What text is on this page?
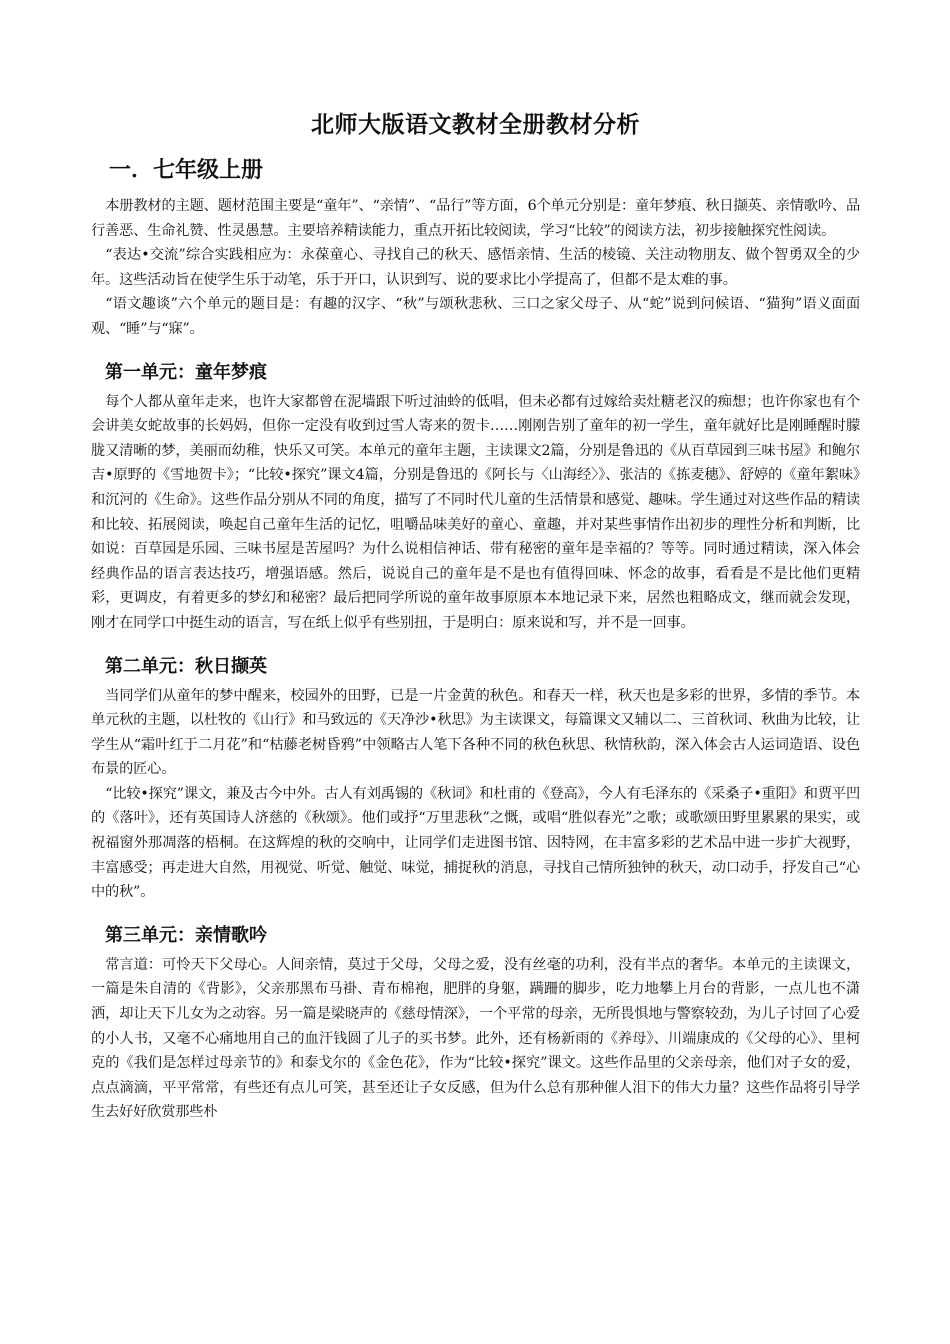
北师大版语文教材全册教材分析
一．七年级上册

本册教材的主题、题材范围主要是“童年”、“亲情”、“品行”等方面，6个单元分别是：童年梦痕、秋日撷英、亲情歌吟、品行善恶、生命礼赞、性灵愚慧。主要培养精读能力，重点开拓比较阅读，学习“比较”的阅读方法，初步接触探究性阅读。

“表达•交流”综合实践相应为：永葆童心、寻找自己的秋天、感悟亲情、生活的棱镜、关注动物朋友、做个智勇双全的少年。这些活动旨在使学生乐于动笔，乐于开口，认识到写、说的要求比小学提高了，但都不是太难的事。

“语文趣谈”六个单元的题目是：有趣的汉字、“秋”与颂秋悲秋、三口之家父母子、从“蛇”说到问候语、“猫狗”语义面面观、“睡”与“寐”。

第一单元：童年梦痕

每个人都从童年走来，也许大家都曾在泥墙跟下听过油蛉的低唱，但未必都有过嫁给卖灶糖老汉的痴想；也许你家也有个会讲美女蛇故事的长妈妈，但你一定没有收到过雪人寄来的贺卡……刚刚告别了童年的初一学生，童年就好比是刚睡醒时朦胧又清晰的梦，美丽而幼稚，快乐又可笑。本单元的童年主题，主读课文2篇，分别是鲁迅的《从百草园到三味书屋》和鲍尔吉•原野的《雪地贺卡》；“比较•探究”课文4篇，分别是鲁迅的《阿长与〈山海经〉》、张洁的《拣麦穗》、舒婷的《童年絮味》和沉河的《生命》。这些作品分别从不同的角度，描写了不同时代儿童的生活情景和感觉、趣味。学生通过对这些作品的精读和比较、拓展阅读，唤起自己童年生活的记忆，咀嚼品味美好的童心、童趣，并对某些事情作出初步的理性分析和判断，比如说：百草园是乐园、三味书屋是苦屋吗？为什么说相信神话、带有秘密的童年是幸福的？等等。同时通过精读，深入体会经典作品的语言表达技巧，增强语感。然后，说说自己的童年是不是也有值得回味、怀念的故事，看看是不是比他们更精彩，更调皮，有着更多的梦幻和秘密？最后把同学所说的童年故事原原本本地记录下来，居然也粗略成文，继而就会发现，刚才在同学口中挺生动的语言，写在纸上似乎有些别扭，于是明白：原来说和写，并不是一回事。

第二单元：秋日撷英

当同学们从童年的梦中醒来，校园外的田野，已是一片金黄的秋色。和春天一样，秋天也是多彩的世界，多情的季节。本单元秋的主题，以杜牧的《山行》和马致远的《天净沙•秋思》为主读课文，每篇课文又辅以二、三首秋词、秋曲为比较，让学生从“霜叶红于二月花”和“枯藤老树昏鸦”中领略古人笔下各种不同的秋色秋思、秋情秋韵，深入体会古人运词造语、设色布景的匠心。

“比较•探究”课文，兼及古今中外。古人有刘禹锡的《秋词》和杜甫的《登高》，今人有毛泽东的《采桑子•重阳》和贾平凹的《落叶》，还有英国诗人济慈的《秋颂》。他们或抒“万里悲秋”之慨，或唱“胜似春光”之歌；或歌颂田野里累累的果实，或祝福窗外那凋落的梧桐。在这辉煌的秋的交响中，让同学们走进图书馆、因特网，在丰富多彩的艺术品中进一步扩大视野，丰富感受；再走进大自然，用视觉、听觉、触觉、味觉，捕捉秋的消息，寻找自己情所独钟的秋天，动口动手，抒发自己“心中的秋”。

第三单元：亲情歌吟

常言道：可怜天下父母心。人间亲情，莫过于父母，父母之爱，没有丝毫的功利，没有半点的奢华。本单元的主读课文，一篇是朱自清的《背影》，父亲那黑布马褂、青布棉袍，肥胖的身躯，蹒跚的脚步，吃力地攀上月台的背影，一点儿也不潇洒，却让天下儿女为之动容。另一篇是梁晓声的《慈母情深》，一个平常的母亲，无所畏惧地与警察较劲，为儿子讨回了心爱的小人书，又毫不心痛地用自己的血汗钱圆了儿子的买书梦。此外，还有杨新雨的《养母》、川端康成的《父母的心》、里柯克的《我们是怎样过母亲节的》和泰戈尔的《金色花》，作为“比较•探究”课文。这些作品里的父亲母亲，他们对子女的爱，点点滴滴，平平常常，有些还有点儿可笑，甚至还让子女反感，但为什么总有那种催人泪下的伟大力量？这些作品将引导学生去好好欣赏那些朴
